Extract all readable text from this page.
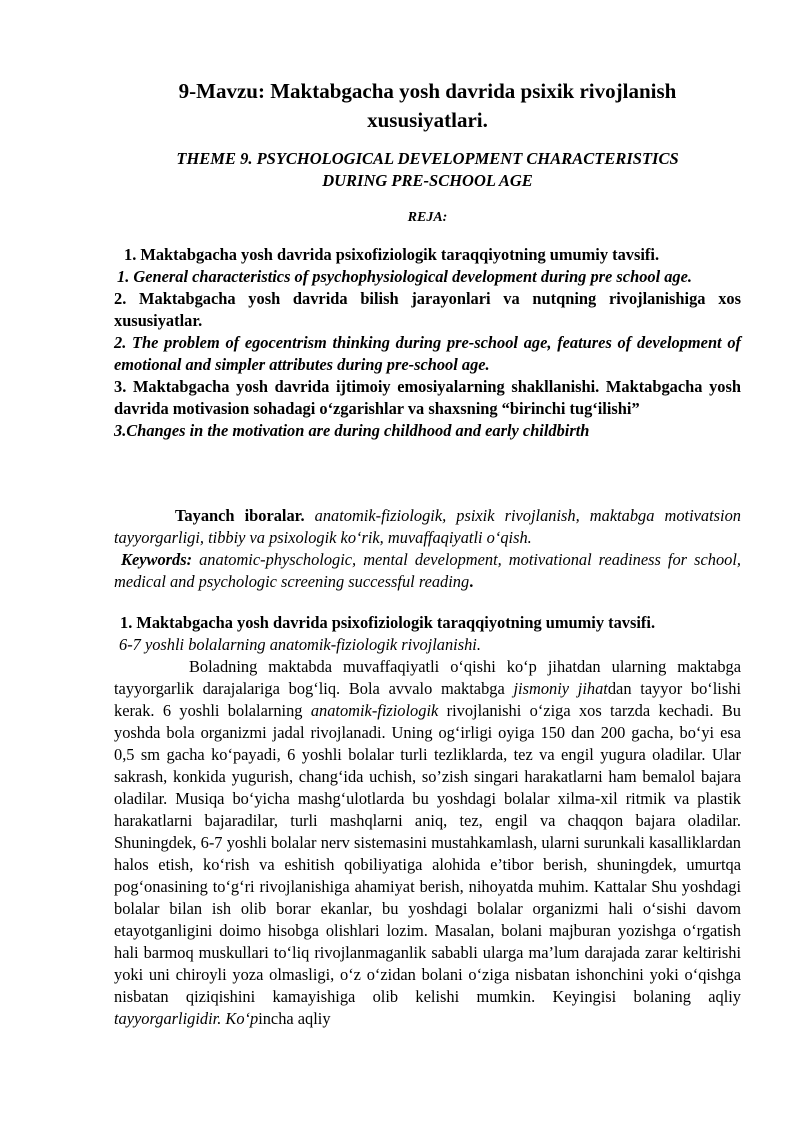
9-Mavzu: Maktabgacha yosh davrida psixik rivojlanish
xususiyatlari.
THEME 9. PSYCHOLOGICAL DEVELOPMENT CHARACTERISTICS
DURING PRE-SCHOOL AGE
REJA:

1. Maktabgacha yosh davrida psixofiziologik taraqqiyotning umumiy tavsifi.

1. General characteristics of psychophysiological development during pre school age.

2. Maktabgacha yosh davrida bilish jarayonlari va nutqning rivojlanishiga xos xususiyatlar.

2. The problem of egocentrism thinking during pre-school age, features of development of emotional and simpler attributes during pre-school age.

3. Maktabgacha yosh davrida ijtimoiy emosiyalarning shakllanishi. Maktabgacha yosh davrida motivasion sohadagi o‘zgarishlar va shaxsning “birinchi tug‘ilishi”

3.Changes in the motivation are during childhood and early childbirth

Tayanch iboralar. anatomik-fiziologik, psixik rivojlanish, maktabga motivatsion tayyorgarligi, tibbiy va psixologik ko‘rik, muvaffaqiyatli o‘qish.

Keywords: anatomic-physchologic, mental development, motivational readiness for school, medical and psychologic screening successful reading.

1. Maktabgacha yosh davrida psixofiziologik taraqqiyotning umumiy tavsifi.

6-7 yoshli bolalarning anatomik-fiziologik rivojlanishi.

Boladning maktabda muvaffaqiyatli o‘qishi ko‘p jihatdan ularning maktabga tayyorgarlik darajalariga bog‘liq. Bola avvalo maktabga jismoniy jihatdan tayyor bo‘lishi kerak. 6 yoshli bolalarning anatomik-fiziologik rivojlanishi o‘ziga xos tarzda kechadi. Bu yoshda bola organizmi jadal rivojlanadi. Uning og‘irligi oyiga 150 dan 200 gacha, bo‘yi esa 0,5 sm gacha ko‘payadi, 6 yoshli bolalar turli tezliklarda, tez va engil yugura oladilar. Ular sakrash, konkida yugurish, chang‘ida uchish, so’zish singari harakatlarni ham bemalol bajara oladilar. Musiqa bo‘yicha mashg‘ulotlarda bu yoshdagi bolalar xilma-xil ritmik va plastik harakatlarni bajaradilar, turli mashqlarni aniq, tez, engil va chaqqon bajara oladilar. Shuningdek, 6-7 yoshli bolalar nerv sistemasini mustahkamlash, ularni surunkali kasalliklardan halos etish, ko‘rish va eshitish qobiliyatiga alohida e’tibor berish, shuningdek, umurtqa pog‘onasining to‘g‘ri rivojlanishiga ahamiyat berish, nihoyatda muhim. Kattalar Shu yoshdagi bolalar bilan ish olib borar ekanlar, bu yoshdagi bolalar organizmi hali o‘sishi davom etayotganligini doimo hisobga olishlari lozim. Masalan, bolani majburan yozishga o‘rgatish hali barmoq muskullari to‘liq rivojlanmaganlik sababli ularga ma’lum darajada zarar keltirishi yoki uni chiroyli yoza olmasligi, o‘z o‘zidan bolani o‘ziga nisbatan ishonchini yoki o‘qishga nisbatan qiziqishini kamayishiga olib kelishi mumkin. Keyingisi bolaning aqliy tayyorgarligidir. Ko‘pincha aqliy
